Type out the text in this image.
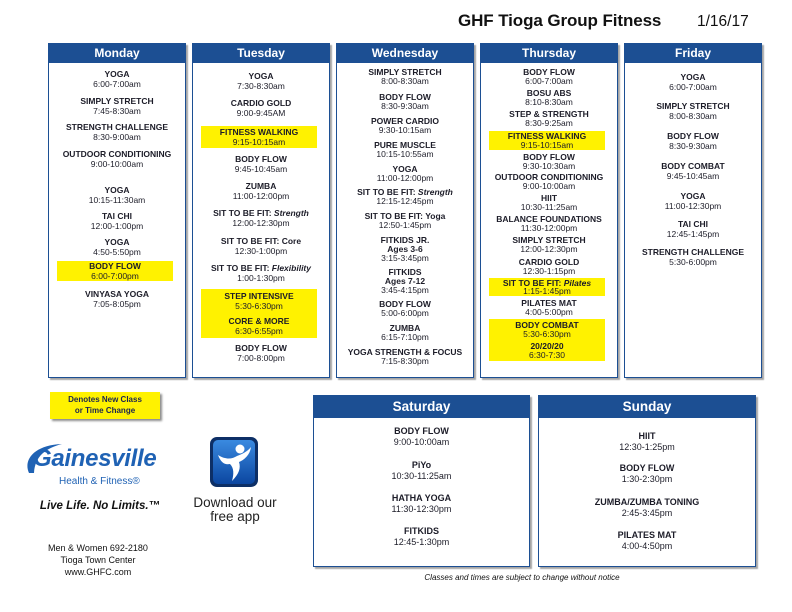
GHF Tioga Group Fitness 1/16/17
Monday
YOGA
6:00-7:00am
SIMPLY STRETCH
7:45-8:30am
STRENGTH CHALLENGE
8:30-9:00am
OUTDOOR CONDITIONING
9:00-10:00am
YOGA
10:15-11:30am
TAI CHI
12:00-1:00pm
YOGA
4:50-5:50pm
BODY FLOW
6:00-7:00pm
VINYASA YOGA
7:05-8:05pm
Tuesday
YOGA
7:30-8:30am
CARDIO GOLD
9:00-9:45AM
FITNESS WALKING
9:15-10:15am
BODY FLOW
9:45-10:45am
ZUMBA
11:00-12:00pm
SIT TO BE FIT: Strength
12:00-12:30pm
SIT TO BE FIT: Core
12:30-1:00pm
SIT TO BE FIT: Flexibility
1:00-1:30pm
STEP INTENSIVE
5:30-6:30pm
CORE & MORE
6:30-6:55pm
BODY FLOW
7:00-8:00pm
Wednesday
SIMPLY STRETCH
8:00-8:30am
BODY FLOW
8:30-9:30am
POWER CARDIO
9:30-10:15am
PURE MUSCLE
10:15-10:55am
YOGA
11:00-12:00pm
SIT TO BE FIT: Strength
12:15-12:45pm
SIT TO BE FIT: Yoga
12:50-1:45pm
FITKIDS JR.
Ages 3-6
3:15-3:45pm
FITKIDS
Ages 7-12
3:45-4:15pm
BODY FLOW
5:00-6:00pm
ZUMBA
6:15-7:10pm
YOGA STRENGTH & FOCUS
7:15-8:30pm
Thursday
BODY FLOW
6:00-7:00am
BOSU ABS
8:10-8:30am
STEP & STRENGTH
8:30-9:25am
FITNESS WALKING
9:15-10:15am
BODY FLOW
9:30-10:30am
OUTDOOR CONDITIONING
9:00-10:00am
HIIT
10:30-11:25am
BALANCE FOUNDATIONS
11:30-12:00pm
SIMPLY STRETCH
12:00-12:30pm
CARDIO GOLD
12:30-1:15pm
SIT TO BE FIT: Pilates
1:15-1:45pm
PILATES MAT
4:00-5:00pm
BODY COMBAT
5:30-6:30pm
20/20/20
6:30-7:30
Friday
YOGA
6:00-7:00am
SIMPLY STRETCH
8:00-8:30am
BODY FLOW
8:30-9:30am
BODY COMBAT
9:45-10:45am
YOGA
11:00-12:30pm
TAI CHI
12:45-1:45pm
STRENGTH CHALLENGE
5:30-6:00pm
Saturday
BODY FLOW
9:00-10:00am
PiYo
10:30-11:25am
HATHA YOGA
11:30-12:30pm
FITKIDS
12:45-1:30pm
Sunday
HIIT
12:30-1:25pm
BODY FLOW
1:30-2:30pm
ZUMBA/ZUMBA TONING
2:45-3:45pm
PILATES MAT
4:00-4:50pm
Denotes New Class
or Time Change
Gainesville
Health & Fitness®
Live Life. No Limits.™	Download our
free app
Men & Women 692-2180
Tioga Town Center
www.GHFC.com
Classes and times are subject to change without notice
